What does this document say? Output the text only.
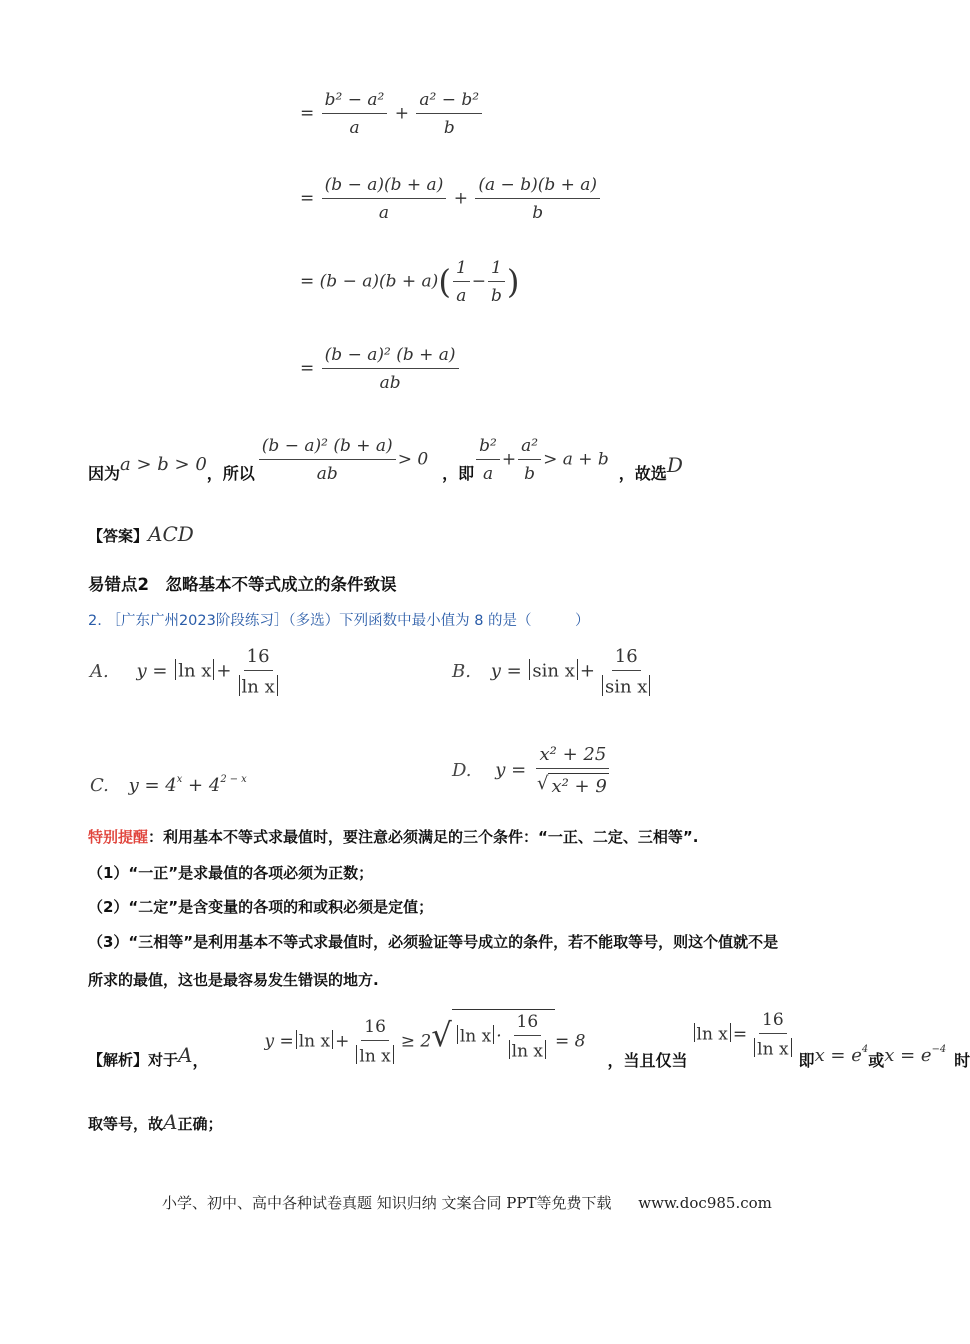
= $\frac{\text{b² − a²}}{a} + \frac{\text{a² − b²}}{b}$
= $\frac{(b - a)(b + a)}{a} + \frac{(a - b)(b + a)}{b}$
= $(b - a)(b + a)( \frac{1}{a} - \frac{1}{b}$ )
= $\frac{\text{(b − a)² (b + a)}}{ab}$
因为 a > b > 0 ，所以 $\frac{\text{(b − a)² (b + a)}}{ab} > 0$
，即 $\frac{\text{b²}}{a} + \frac{\text{a²}}{b} > a + b$
，故选 D
【答案】ACD
易错点2　忽略基本不等式成立的条件致误
2. ［广东广州2023阶段练习］（多选）下列函数中最小值为 8 的是（　　　）
A. $y = \ln x + \frac{16}{\text{ln x}}$	B. $y = \sin x + \frac{16}{\text{sin x}}$
C. $y = 4^x + 4^{2 - x}$	D. $y = \frac{\text{x² + 25}}{\text{√ x² + 9}}$
特别提醒：利用基本不等式求最值时，要注意必须满足的三个条件：“一正、二定、三相等”.
（1）“一正”是求最值的各项必须为正数；
（2）“二定”是含变量的各项的和或积必须是定值；
（3）“三相等”是利用基本不等式求最值时，必须验证等号成立的条件，若不能取等号，则这个值就不是
所求的最值，这也是最容易发生错误的地方.
【解析】对于 A ，
$y = \ln x + \frac{16}{\text{ln x}} \ge 2$ √ $\ln x \cdot \frac{16}{\text{ln x}} = 8$
，当且仅当
$\ln x = \frac{16}{\text{ln x}}$
即 $x = e^4$
或 $x = e^{-4}$
时
取等号，故A正确；
小学、初中、高中各种试卷真题 知识归纳 文案合同 PPT等免费下载 www.doc985.com
